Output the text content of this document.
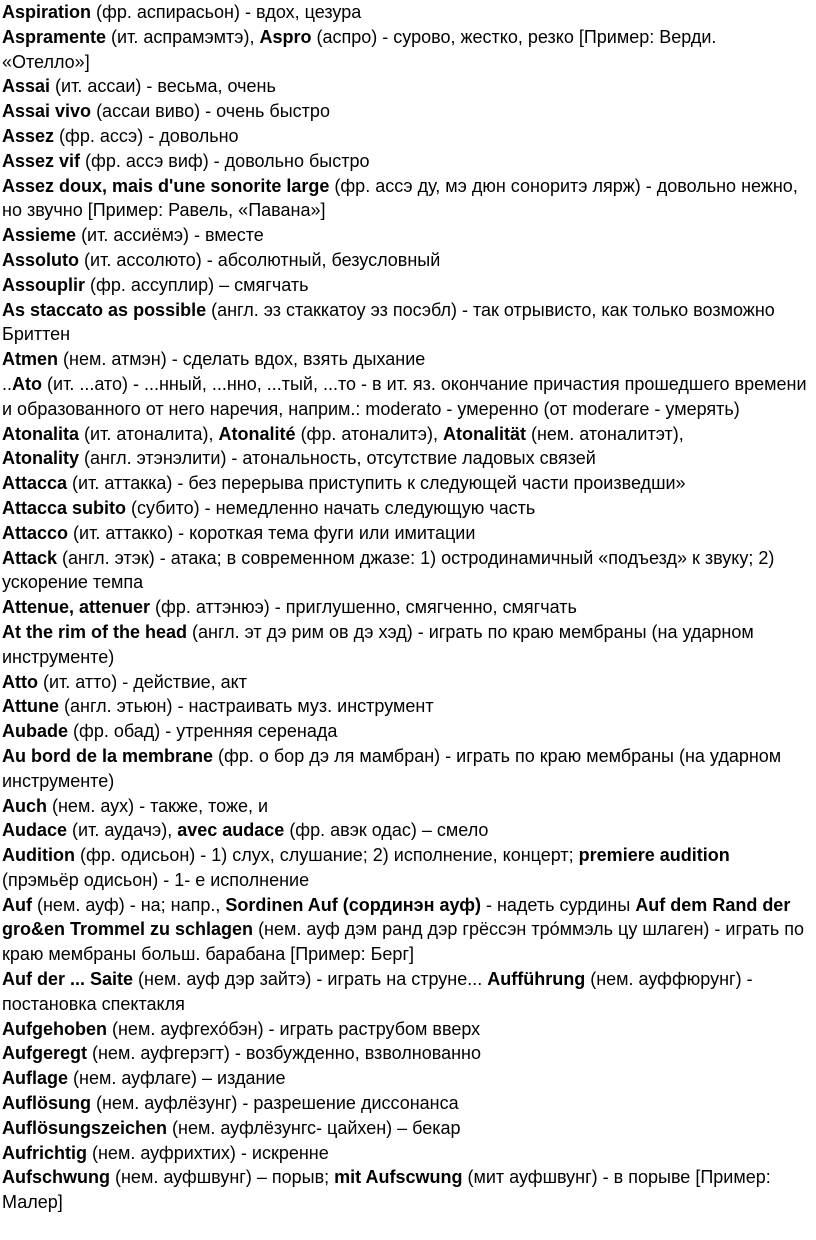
Aspiration (фр. аспирасьон) - вдох, цезура

Aspramente (ит. аспрамэмтэ), Aspro (аспро) - сурово, жестко, резко [Пример: Верди. «Отелло»]

Assai (ит. ассаи) - весьма, очень

Assai vivo (ассаи виво) - очень быстро

Assez (фр. ассэ) - довольно

Assez vif (фр. ассэ виф) - довольно быстро

Assez doux, mais d'une sonorite large (фр. ассэ ду, мэ дюн соноритэ лярж) - довольно нежно, но звучно [Пример: Равель, «Павана»]

Assieme (ит. ассиёмэ) - вместе

Assoluto (ит. ассолюто) - абсолютный, безусловный

Assouplir (фр. ассуплир) – смягчать

As staccato as possible (англ. эз стаккатоу эз посэбл) - так отрывисто, как только возможно Бриттен

Atmen (нем. атмэн) - сделать вдох, взять дыхание

..Ato (ит. ...ато) - ...нный, ...нно, ...тый, ...то - в ит. яз. окончание причастия прошедшего времени и образованного от него наречия, наприм.: moderato - умеренно (от moderare - умерять)

Atonalita (ит. атоналита), Atonalité (фр. атоналитэ), Atonalität (нем. атоналитэт),

Atonality (англ. этэнэлити) - атональность, отсутствие ладовых связей

Attacca (ит. аттакка) - без перерыва приступить к следующей части произведши»

Attacca subito (субито) - немедленно начать следующую часть

Attacco (ит. аттакко) - короткая тема фуги или имитации

Attack (англ. этэк) - атака; в современном джазе: 1) остродинамичный «подъезд» к звуку; 2) ускорение темпа

Attenue, attenuer (фр. аттэнюэ) - приглушенно, смягченно, смягчать

At the rim of the head (англ. эт дэ рим ов дэ хэд) - играть по краю мембраны (на ударном инструменте)

Atto (ит. атто) - действие, акт

Attune (англ. этьюн) - настраивать муз. инструмент

Aubade (фр. обад) - утренняя серенада

Au bord de la membrane (фр. о бор дэ ля мамбран) - играть по краю мембраны (на ударном инструменте)

Auch (нем. аух) - также, тоже, и

Audace (ит. аудачэ), avec audace (фр. авэк одас) – смело

Audition (фр. одисьон) - 1) слух, слушание; 2) исполнение, концерт; premiere audition (прэмьёр одисьон) - 1- е исполнение

Auf (нем. ауф) - на; напр., Sordinen Auf (сординэн ауф) - надеть сурдины Auf dem Rand der gro&en Trommel zu schlagen (нем. ауф дэм ранд дэр грёссэн тро́ммэль цу шлаген) - играть по краю мембраны больш. барабана [Пример: Берг]

Auf der ... Saite (нем. ауф дэр зайтэ) - играть на струне... Aufführung (нем. ауффюрунг) - постановка спектакля

Aufgehoben (нем. ауфгехо́бэн) - играть раструбом вверх

Aufgeregt (нем. ауфгерэгт) - возбужденно, взволнованно

Auflage (нем. ауфлаге) – издание

Auflösung (нем. ауфлёзунг) - разрешение диссонанса

Auflösungszeichen (нем. ауфлёзунгс- цайхен) – бекар

Aufrichtig (нем. ауфрихтих) - искренне

Aufschwung (нем. ауфшвунг) – порыв; mit Aufscwung (мит ауфшвунг) - в порыве [Пример: Малер]
